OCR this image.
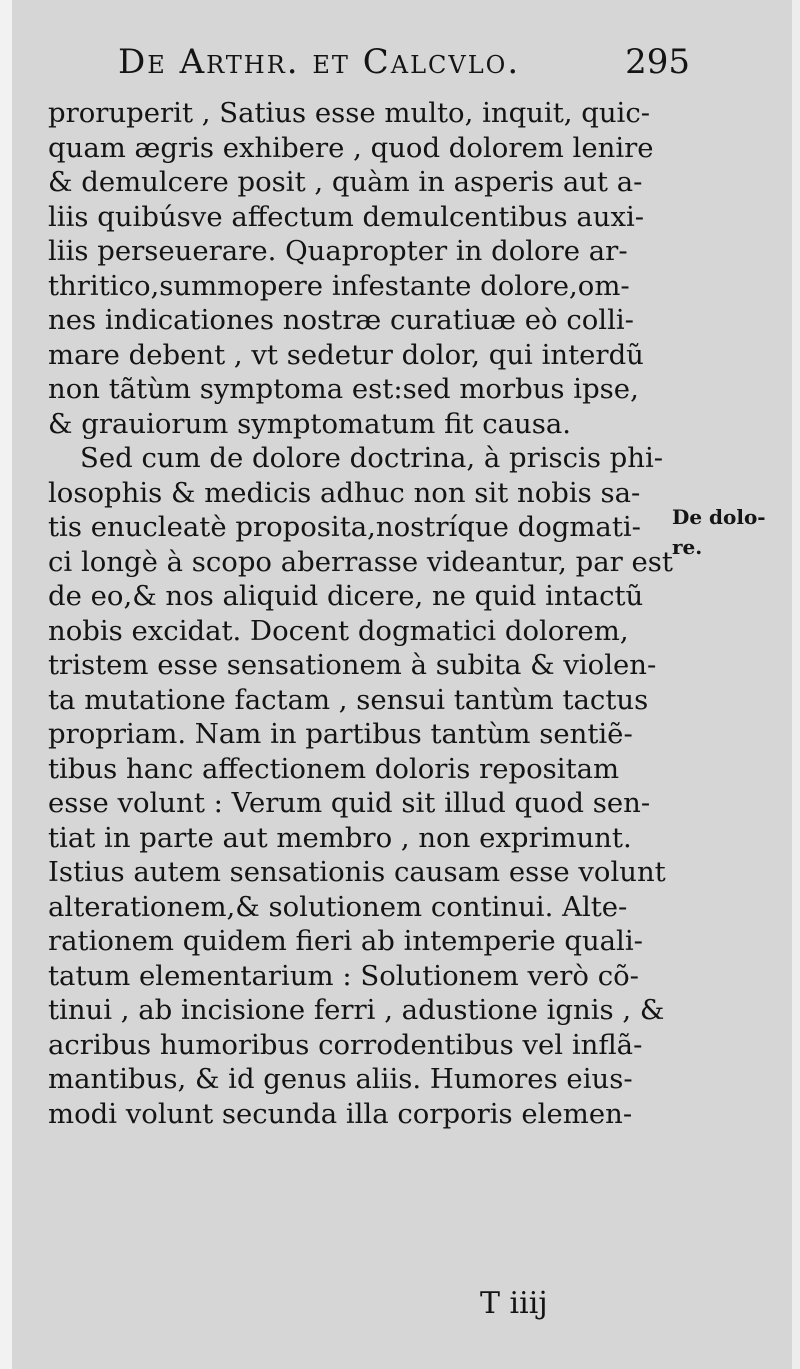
De Arthr. et Calcvlo.	295
proruperit , Satius esse multo, inquit, quic-
quam ægris exhibere , quod dolorem lenire
& demulcere posit , quàm in asperis aut a-
liis quibúsve affectum demulcentibus auxi-
liis perseuerare. Quapropter in dolore ar-
thritico,summopere infestante dolore,om-
nes indicationes nostræ curatiuæ eò colli-
mare debent , vt sedetur dolor, qui interdũ
non tãtùm symptoma est:sed morbus ipse,
& grauiorum symptomatum fit causa.
Sed cum de dolore doctrina, à priscis phi-
losophis & medicis adhuc non sit nobis sa-
tis enucleatè proposita,nostríque dogmati-
ci longè à scopo aberrasse videantur, par est
de eo,& nos aliquid dicere, ne quid intactũ
nobis excidat. Docent dogmatici dolorem,
tristem esse sensationem à subita & violen-
ta mutatione factam , sensui tantùm tactus
propriam. Nam in partibus tantùm sentiẽ-
tibus hanc affectionem doloris repositam
esse volunt : Verum quid sit illud quod sen-
tiat in parte aut membro , non exprimunt.
Istius autem sensationis causam esse volunt
alterationem,& solutionem continui. Alte-
rationem quidem fieri ab intemperie quali-
tatum elementarium : Solutionem verò cõ-
tinui , ab incisione ferri , adustione ignis , &
acribus humoribus corrodentibus vel inflã-
mantibus, & id genus aliis. Humores eius-
modi volunt secunda illa corporis elemen-
De dolo-
re.
T iiij
